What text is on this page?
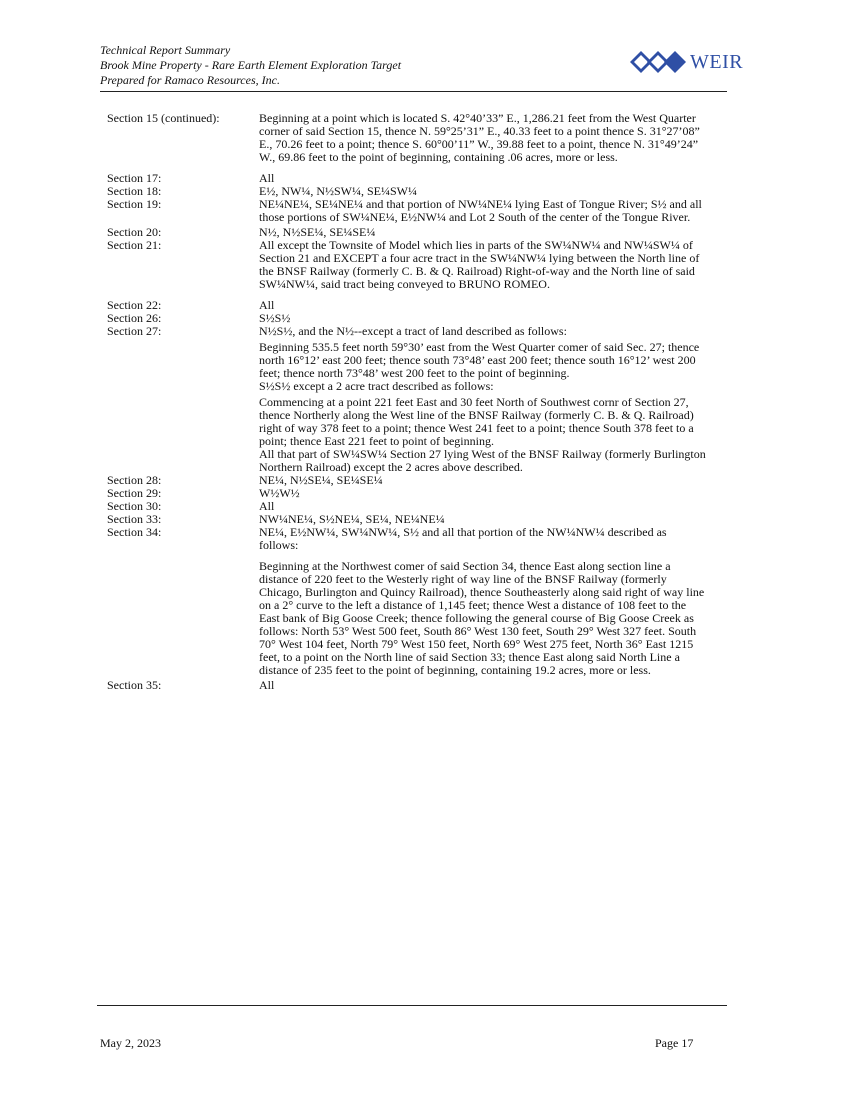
Technical Report Summary
Brook Mine Property - Rare Earth Element Exploration Target
Prepared for Ramaco Resources, Inc.
WEIR
Section 15 (continued):	Beginning at a point which is located S. 42°40’33” E., 1,286.21 feet from the West Quarter corner of said Section 15, thence N. 59°25’31” E., 40.33 feet to a point thence S. 31°27’08” E., 70.26 feet to a point; thence S. 60°00’11” W., 39.88 feet to a point, thence N. 31°49’24” W., 69.86 feet to the point of beginning, containing .06 acres, more or less.

Section 17:	All

Section 18:	E½, NW¼, N½SW¼, SE¼SW¼

Section 19:	NE¼NE¼, SE¼NE¼ and that portion of NW¼NE¼ lying East of Tongue River; S½ and all those portions of SW¼NE¼, E½NW¼ and Lot 2 South of the center of the Tongue River.

Section 20:	N½, N½SE¼, SE¼SE¼

Section 21:	All except the Townsite of Model which lies in parts of the SW¼NW¼ and NW¼SW¼ of Section 21 and EXCEPT a four acre tract in the SW¼NW¼ lying between the North line of the BNSF Railway (formerly C. B. & Q. Railroad) Right-of-way and the North line of said SW¼NW¼, said tract being conveyed to BRUNO ROMEO.

Section 22:	All

Section 26:	S½S½

Section 27:	N½S½, and the N½--except a tract of land described as follows:

Beginning 535.5 feet north 59°30’ east from the West Quarter comer of said Sec. 27; thence north 16°12’ east 200 feet; thence south 73°48’ east 200 feet; thence south 16°12’ west 200 feet; thence north 73°48’ west 200 feet to the point of beginning.

S½S½ except a 2 acre tract described as follows:

Commencing at a point 221 feet East and 30 feet North of Southwest cornr of Section 27, thence Northerly along the West line of the BNSF Railway (formerly C. B. & Q. Railroad) right of way 378 feet to a point; thence West 241 feet to a point; thence South 378 feet to a point; thence East 221 feet to point of beginning.

All that part of SW¼SW¼ Section 27 lying West of the BNSF Railway (formerly Burlington Northern Railroad) except the 2 acres above described.

Section 28:	NE¼, N½SE¼, SE¼SE¼

Section 29:	W½W½

Section 30:	All

Section 33:	NW¼NE¼, S½NE¼, SE¼, NE¼NE¼

Section 34:	NE¼, E½NW¼, SW¼NW¼, S½ and all that portion of the NW¼NW¼ described as follows:

Beginning at the Northwest comer of said Section 34, thence East along section line a distance of 220 feet to the Westerly right of way line of the BNSF Railway (formerly Chicago, Burlington and Quincy Railroad), thence Southeasterly along said right of way line on a 2° curve to the left a distance of 1,145 feet; thence West a distance of 108 feet to the East bank of Big Goose Creek; thence following the general course of Big Goose Creek as follows: North 53° West 500 feet, South 86° West 130 feet, South 29° West 327 feet. South 70° West 104 feet, North 79° West 150 feet, North 69° West 275 feet, North 36° East 1215 feet, to a point on the North line of said Section 33; thence East along said North Line a distance of 235 feet to the point of beginning, containing 19.2 acres, more or less.

Section 35:	All

May 2, 2023	Page 17
